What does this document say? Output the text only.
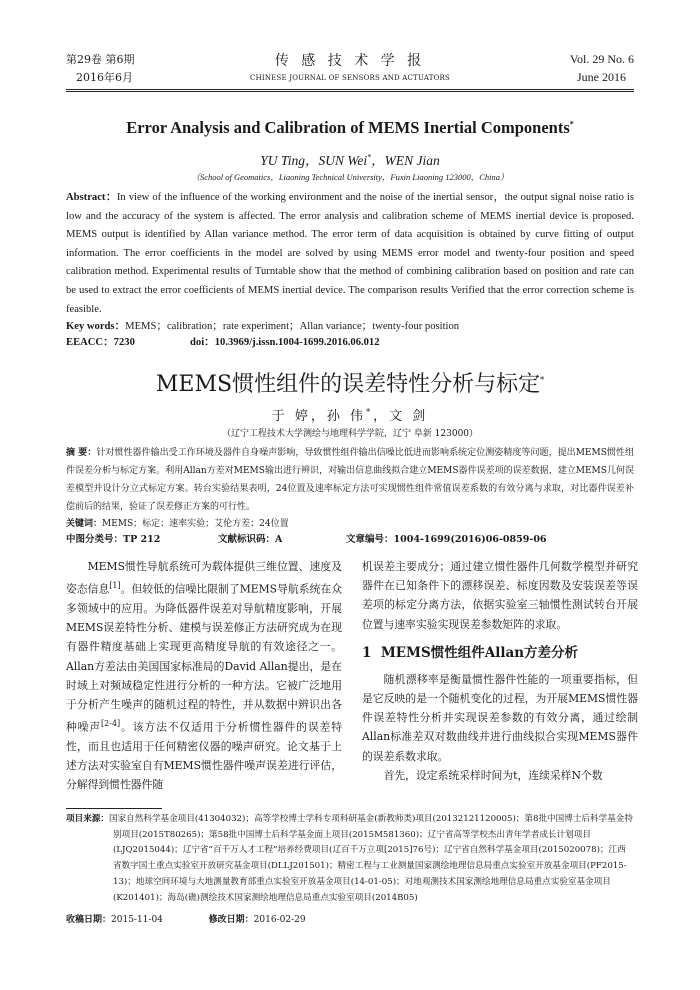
第29卷 第6期
2016年6月
传 感 技 术 学 报
CHINESE JOURNAL OF SENSORS AND ACTUATORS
Vol. 29 No. 6
June 2016
Error Analysis and Calibration of MEMS Inertial Components*
YU Ting，SUN Wei*，WEN Jian
（School of Geomatics，Liaoning Technical University，Fuxin Liaoning 123000，China）
Abstract：In view of the influence of the working environment and the noise of the inertial sensor，the output signal noise ratio is low and the accuracy of the system is affected. The error analysis and calibration scheme of MEMS inertial device is proposed. MEMS output is identified by Allan variance method. The error term of data acquisition is obtained by curve fitting of output information. The error coefficients in the model are solved by using MEMS error model and twenty-four position and speed calibration method. Experimental results of Turntable show that the method of combining calibration based on position and rate can be used to extract the error coefficients of MEMS inertial device. The comparison results Verified that the error correction scheme is feasible.
Key words：MEMS；calibration；rate experiment；Allan variance；twenty-four position
EEACC：7230	doi：10.3969/j.issn.1004-1699.2016.06.012
MEMS惯性组件的误差特性分析与标定*
于 婷，孙 伟*，文 剑
（辽宁工程技术大学测绘与地理科学学院，辽宁 阜新 123000）
摘 要：针对惯性器件输出受工作环境及器件自身噪声影响，导致惯性组件输出信噪比低进而影响系统定位测姿精度等问题，提出MEMS惯性组件误差分析与标定方案。利用Allan方差对MEMS输出进行辨识，对输出信息曲线拟合建立MEMS器件误差项的误差数据，建立MEMS几何误差模型并设计分立式标定方案。转台实验结果表明，24位置及速率标定方法可实现惯性组件常值误差系数的有效分离与求取，对比器件误差补偿前后的结果，验证了误差修正方案的可行性。
关键词：MEMS；标定；速率实验；艾伦方差；24位置
中图分类号：TP 212	文献标识码：A	文章编号：1004-1699(2016)06-0859-06

MEMS惯性导航系统可为载体提供三维位置、速度及姿态信息[1]。但较低的信噪比限制了MEMS导航系统在众多领域中的应用。为降低器件误差对导航精度影响，开展MEMS误差特性分析、建模与误差修正方法研究成为在现有器件精度基础上实现更高精度导航的有效途径之一。Allan方差法由美国国家标准局的David Allan提出，是在时域上对频域稳定性进行分析的一种方法。它被广泛地用于分析产生噪声的随机过程的特性，并从数据中辨识出各种噪声[2-4]。该方法不仅适用于分析惯性器件的误差特性，而且也适用于任何精密仪器的噪声研究。论文基于上述方法对实验室自有MEMS惯性器件噪声误差进行评估，分解得到惯性器件随

机误差主要成分；通过建立惯性器件几何数学模型并研究器件在已知条件下的漂移误差、标度因数及安装误差等误差项的标定分离方法，依据实验室三轴惯性测试转台开展位置与速率实验实现误差参数矩阵的求取。

1 MEMS惯性组件Allan方差分析

随机漂移率是衡量惯性器件性能的一项重要指标，但是它反映的是一个随机变化的过程，为开展MEMS惯性器件误差特性分析并实现误差参数的有效分离，通过绘制Allan标准差双对数曲线并进行曲线拟合实现MEMS器件的误差系数求取。

首先，设定系统采样时间为t，连续采样N个数

项目来源：国家自然科学基金项目(41304032)；高等学校博士学科专项科研基金(新教师类)项目(20132121120005)；第8批中国博士后科学基金特别项目(2015T80265)；第58批中国博士后科学基金面上项目(2015M581360)；辽宁省高等学校杰出青年学者成长计划项目(LJQ2015044)；辽宁省“百千万人才工程”培养经费项目(辽百千万立项[2015]76号)；辽宁省自然科学基金项目(2015020078)；江西省数字国土重点实验室开放研究基金项目(DLLJ201501)；精密工程与工业测量国家测绘地理信息局重点实验室开放基金项目(PF2015-13)；地球空间环境与大地测量教育部重点实验室开放基金项目(14-01-05)；对地观测技术国家测绘地理信息局重点实验室基金项目(K201401)；海岛(礁)测绘技术国家测绘地理信息局重点实验室项目(2014B05)
收稿日期：2015-11-04	修改日期：2016-02-29
